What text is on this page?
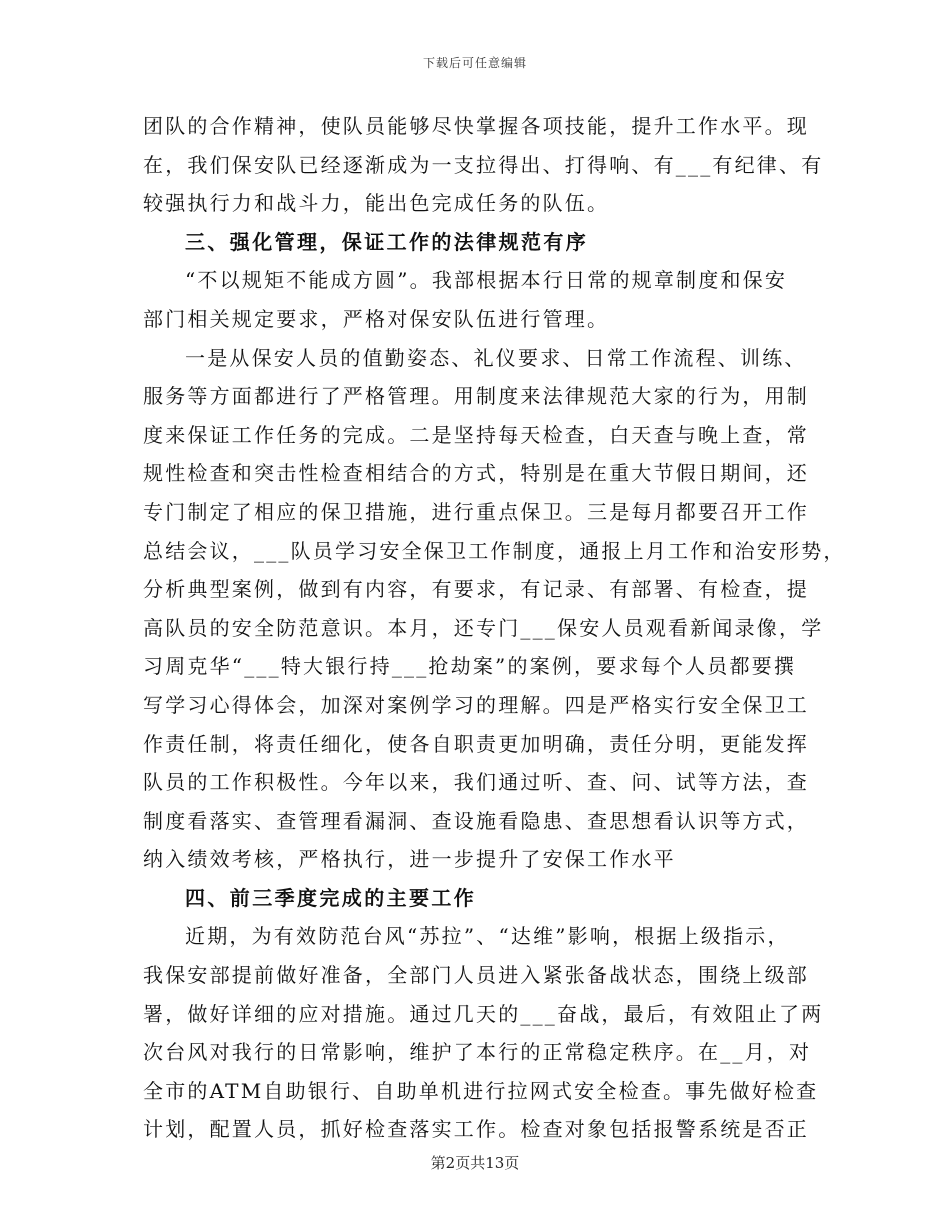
下载后可任意编辑
团队的合作精神，使队员能够尽快掌握各项技能，提升工作水平。现
在，我们保安队已经逐渐成为一支拉得出、打得响、有___有纪律、有
较强执行力和战斗力，能出色完成任务的队伍。
三、强化管理，保证工作的法律规范有序
“不以规矩不能成方圆”。我部根据本行日常的规章制度和保安
部门相关规定要求，严格对保安队伍进行管理。
一是从保安人员的值勤姿态、礼仪要求、日常工作流程、训练、
服务等方面都进行了严格管理。用制度来法律规范大家的行为，用制
度来保证工作任务的完成。二是坚持每天检查，白天查与晚上查，常
规性检查和突击性检查相结合的方式，特别是在重大节假日期间，还
专门制定了相应的保卫措施，进行重点保卫。三是每月都要召开工作
总结会议，___队员学习安全保卫工作制度，通报上月工作和治安形势，
分析典型案例，做到有内容，有要求，有记录、有部署、有检查，提
高队员的安全防范意识。本月，还专门___保安人员观看新闻录像，学
习周克华“___特大银行持___抢劫案”的案例，要求每个人员都要撰
写学习心得体会，加深对案例学习的理解。四是严格实行安全保卫工
作责任制，将责任细化，使各自职责更加明确，责任分明，更能发挥
队员的工作积极性。今年以来，我们通过听、查、问、试等方法，查
制度看落实、查管理看漏洞、查设施看隐患、查思想看认识等方式，
纳入绩效考核，严格执行，进一步提升了安保工作水平
四、前三季度完成的主要工作
近期，为有效防范台风“苏拉”、“达维”影响，根据上级指示，
我保安部提前做好准备，全部门人员进入紧张备战状态，围绕上级部
署，做好详细的应对措施。通过几天的___奋战，最后，有效阻止了两
次台风对我行的日常影响，维护了本行的正常稳定秩序。在__月，对
全市的ATM自助银行、自助单机进行拉网式安全检查。事先做好检查
计划，配置人员，抓好检查落实工作。检查对象包括报警系统是否正
第2页共13页
